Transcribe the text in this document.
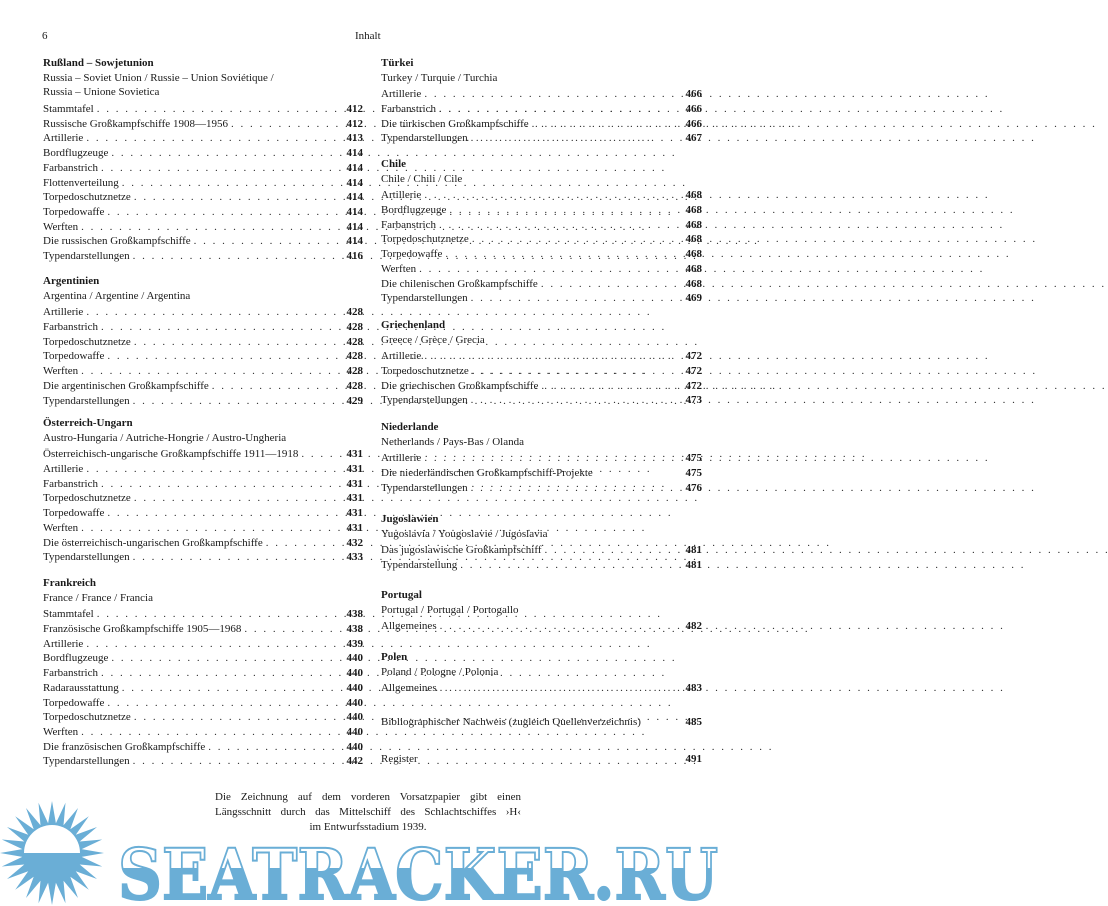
6	Inhalt
Rußland – Sowjetunion
Russia – Soviet Union / Russie – Union Soviétique /
Russia – Unione Sovietica
Stammtafel . . .	412
Russische Großkampfschiffe 1908—1956 . . .	412
Artillerie . . .	413
Bordflugzeuge . . .	414
Farbanstrich . . .	414
Flottenverteilung . . .	414
Torpedoschutznetze . . .	414
Torpedowaffe . . .	414
Werften . . .	414
Die russischen Großkampfschiffe . . .	414
Typendarstellungen . . .	416
Argentinien
Argentina / Argentine / Argentina
Artillerie . . .	428
Farbanstrich . . .	428
Torpedoschutznetze . . .	428
Torpedowaffe . . .	428
Werften . . .	428
Die argentinischen Großkampfschiffe . . .	428
Typendarstellungen . . .	429
Österreich-Ungarn
Austro-Hungaria / Autriche-Hongrie / Austro-Ungheria
Österreichisch-ungarische Großkampfschiffe 1911—1918 . . .	431
Artillerie . . .	431
Farbanstrich . . .	431
Torpedoschutznetze . . .	431
Torpedowaffe . . .	431
Werften . . .	431
Die österreichisch-ungarischen Großkampfschiffe . . .	432
Typendarstellungen . . .	433
Frankreich
France / France / Francia
Stammtafel . . .	438
Französische Großkampfschiffe 1905—1968 . . .	438
Artillerie . . .	439
Bordflugzeuge . . .	440
Farbanstrich . . .	440
Radarausstattung . . .	440
Torpedowaffe . . .	440
Torpedoschutznetze . . .	440
Werften . . .	440
Die französischen Großkampfschiffe . . .	440
Typendarstellungen . . .	442
Türkei
Turkey / Turquie / Turchia
Artillerie . . .	466
Farbanstrich . . .	466
Die türkischen Großkampfschiffe . . .	466
Typendarstellungen . . .	467
Chile
Chile / Chili / Cile
Artillerie . . .	468
Bordflugzeuge . . .	468
Farbanstrich . . .	468
Torpedoschutznetze . . .	468
Torpedowaffe . . .	468
Werften . . .	468
Die chilenischen Großkampfschiffe . . .	468
Typendarstellungen . . .	469
Griechenland
Greece / Grèce / Grecia
Artillerie . . .	472
Torpedoschutznetze . . .	472
Die griechischen Großkampfschiffe . . .	472
Typendarstellungen . . .	473
Niederlande
Netherlands / Pays-Bas / Olanda
Artillerie . . .	475
Die niederländischen Großkampfschiff-Projekte	475
Typendarstellungen . . .	476
Jugoslawien
Yugoslavia / Yougoslavie / Jugoslavia
Das jugoslawische Großkampfschiff . . .	481
Typendarstellung . . .	481
Portugal
Portugal / Portugal / Portogallo
Allgemeines . . .	482
Polen
Poland / Pologne / Polonia
Allgemeines . . .	483
Bibliographischer Nachweis (zugleich Quellenverzeichnis)	485
Register	491
SEATRACKER.RU
Die Zeichnung auf dem vorderen Vorsatzpapier gibt einen
Längsschnitt durch das Mittelschiff des Schlachtschiffes ›H‹
im Entwurfsstadium 1939.
